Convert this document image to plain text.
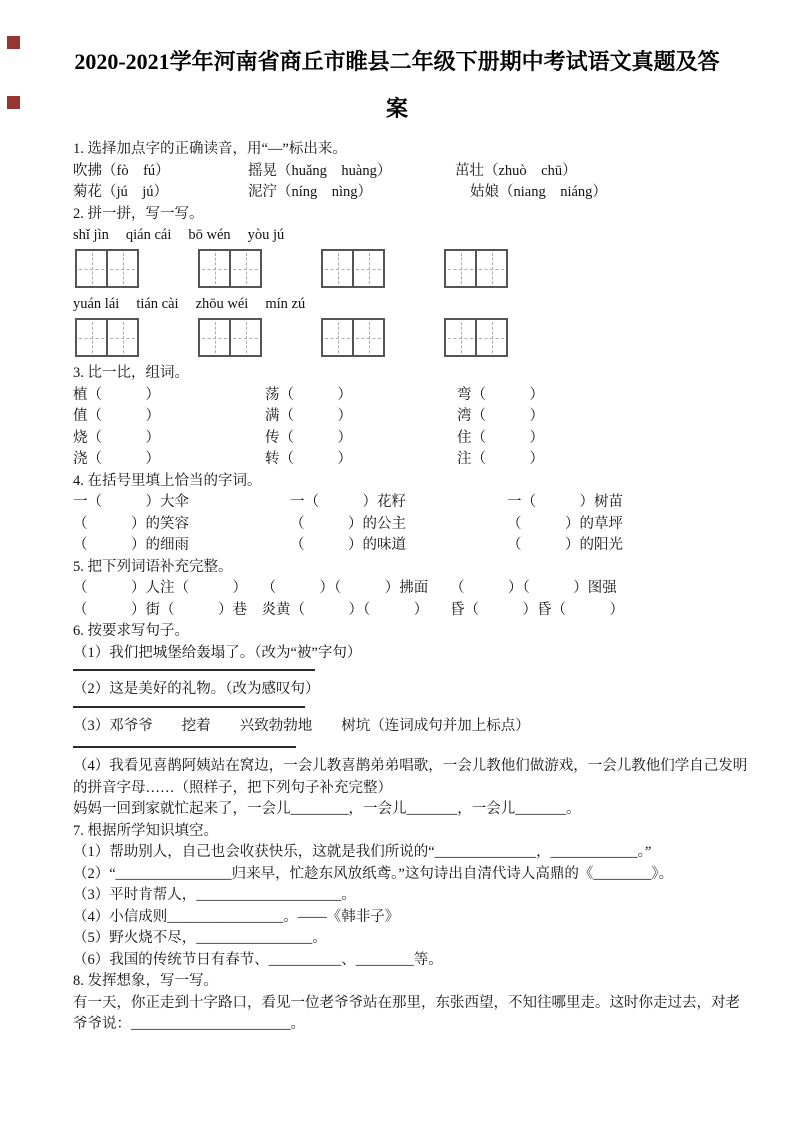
2020-2021学年河南省商丘市睢县二年级下册期中考试语文真题及答
案
1. 选择加点字的正确读音，用“—”标出来。
吹拂（fò　fú）	摇晃（huǎng　huàng）	茁壮（zhuò　chū）
菊花（jú　jú）	泥泞（níng　nìng）	姑娘（niang　niáng）
2. 拼一拼，写一写。
shǐ jìn qián cái bō wén yòu jú
yuán lái tián cài zhōu wéi mín zú
3. 比一比，组词。
植（　　　）	荡（　　　）	弯（　　　）
值（　　　）	满（　　　）	湾（　　　）
烧（　　　）	传（　　　）	住（　　　）
浇（　　　）	转（　　　）	注（　　　）
4. 在括号里填上恰当的字词。
一（　　　）大伞	一（　　　）花籽	一（　　　）树苗
（　　　）的笑容	（　　　）的公主	（　　　）的草坪
（　　　）的细雨	（　　　）的味道	（　　　）的阳光
5. 把下列词语补充完整。
（　　　）人注（　　　）　　（　　　）（　　　）拂面　　（　　　）（　　　）图强
（　　　）街（　　　）巷　炎黄（　　　）（　　　）　　昏（　　　）昏（　　　）
6. 按要求写句子。
（1）我们把城堡给轰塌了。（改为“被”字句）
（2）这是美好的礼物。（改为感叹句）
（3）邓爷爷　　挖着　　兴致勃勃地　　树坑（连词成句并加上标点）
（4）我看见喜鹊阿姨站在窝边，一会儿教喜鹊弟弟唱歌，一会儿教他们做游戏，一会儿教他们学自己发明的拼音字母……（照样子，把下列句子补充完整）
妈妈一回到家就忙起来了，一会儿________，一会儿_______，一会儿_______。
7. 根据所学知识填空。
（1）帮助别人，自己也会收获快乐，这就是我们所说的“______________，____________。”
（2）“________________归来早，忙趁东风放纸鸢。”这句诗出自清代诗人高鼎的《________》。
（3）平时肯帮人，____________________。
（4）小信成则________________。——《韩非子》
（5）野火烧不尽，________________。
（6）我国的传统节日有春节、__________、________等。
8. 发挥想象，写一写。
有一天，你正走到十字路口，看见一位老爷爷站在那里，东张西望，不知往哪里走。这时你走过去，对老爷爷说：______________________。
